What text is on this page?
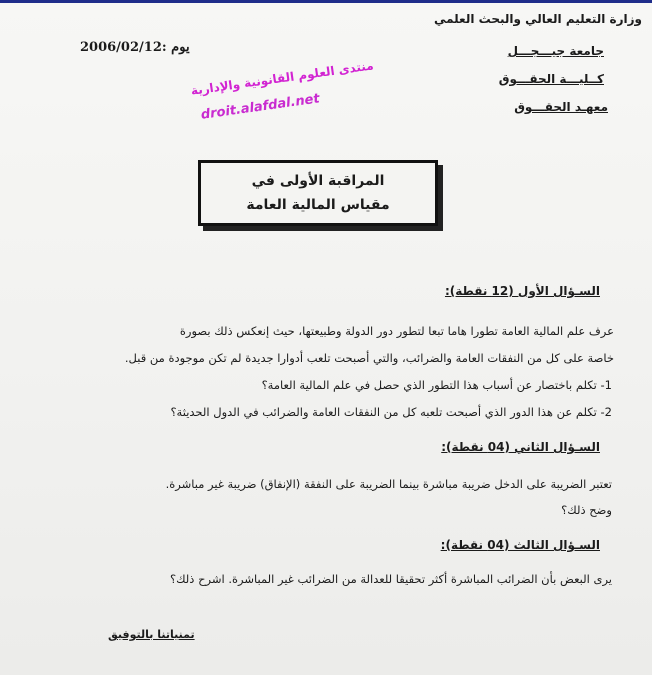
وزارة التعليم العالي والبحث العلمي
جامعة جيـــجـــل
كــليـــة الحقـــوق
معهـد الحقـــوق
يوم :2006/02/12
منتدى العلوم القانونية والإدارية
droit.alafdal.net
المراقبة الأولى في
مقياس المالية العامة
السـؤال الأول (12 نقطة):
عرف علم المالية العامة تطورا هاما تبعا لتطور دور الدولة وطبيعتها، حيث إنعكس ذلك بصورة
خاصة على كل من النفقات العامة والضرائب، والتي أصبحت تلعب أدوارا جديدة لم تكن موجودة من قبل.
1- تكلم باختصار عن أسباب هذا التطور الذي حصل في علم المالية العامة؟
2- تكلم عن هذا الدور الذي أصبحت تلعبه كل من النفقات العامة والضرائب في الدول الحديثة؟
السـؤال الثاني (04 نقطة):
تعتبر الضريبة على الدخل ضريبة مباشرة بينما الضريبة على النفقة (الإنفاق) ضريبة غير مباشرة.
وضح ذلك؟
السـؤال الثالث (04 نقطة):
يرى البعض بأن الضرائب المباشرة أكثر تحقيقا للعدالة من الضرائب غير المباشرة. اشرح ذلك؟
تمنياتنا بالتوفيق
